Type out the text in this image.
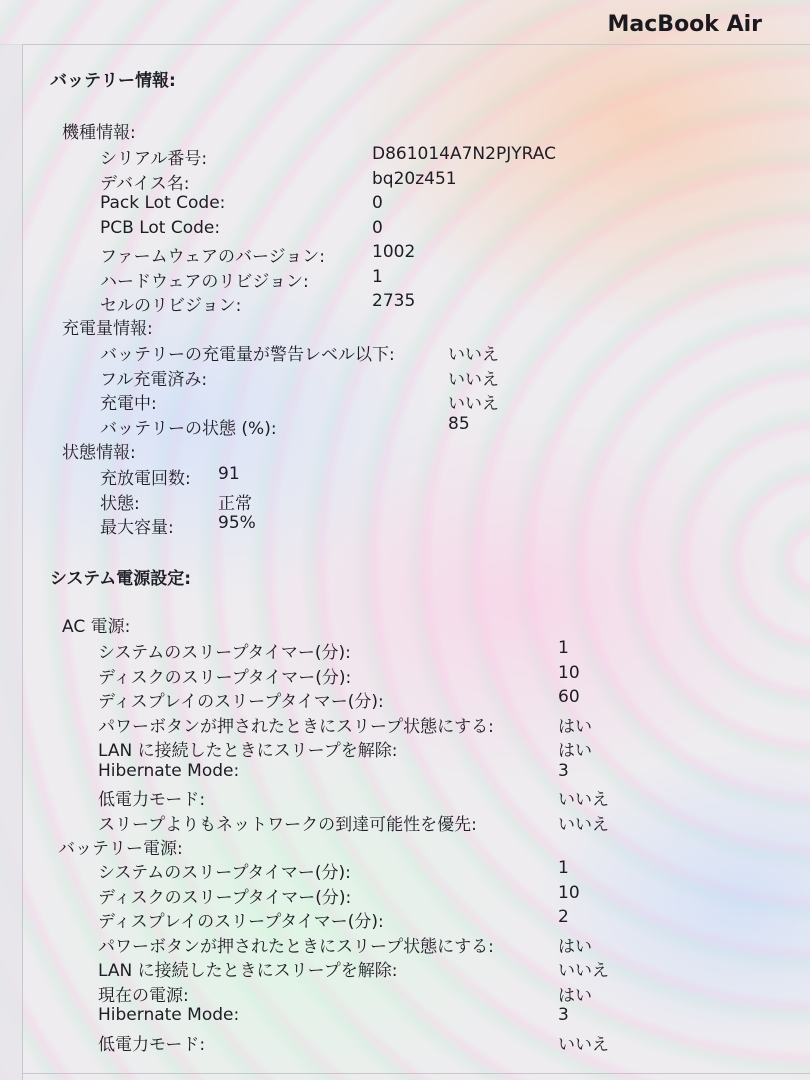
MacBook Air
バッテリー情報:
機種情報:
シリアル番号:	D861014A7N2PJYRAC
デバイス名:	bq20z451
Pack Lot Code:	0
PCB Lot Code:	0
ファームウェアのバージョン:	1002
ハードウェアのリビジョン:	1
セルのリビジョン:	2735
充電量情報:
バッテリーの充電量が警告レベル以下:	いいえ
フル充電済み:	いいえ
充電中:	いいえ
バッテリーの状態 (%):	85
状態情報:
充放電回数: 91
状態:	正常
最大容量:	95%
システム電源設定:
AC 電源:
システムのスリープタイマー(分):	1
ディスクのスリープタイマー(分):	10
ディスプレイのスリープタイマー(分):	60
パワーボタンが押されたときにスリープ状態にする:	はい
LAN に接続したときにスリープを解除:	はい
Hibernate Mode:	3
低電力モード:	いいえ
スリープよりもネットワークの到達可能性を優先:	いいえ
バッテリー電源:
システムのスリープタイマー(分):	1
ディスクのスリープタイマー(分):	10
ディスプレイのスリープタイマー(分):	2
パワーボタンが押されたときにスリープ状態にする:	はい
LAN に接続したときにスリープを解除:	いいえ
現在の電源:	はい
Hibernate Mode:	3
低電力モード:	いいえ
